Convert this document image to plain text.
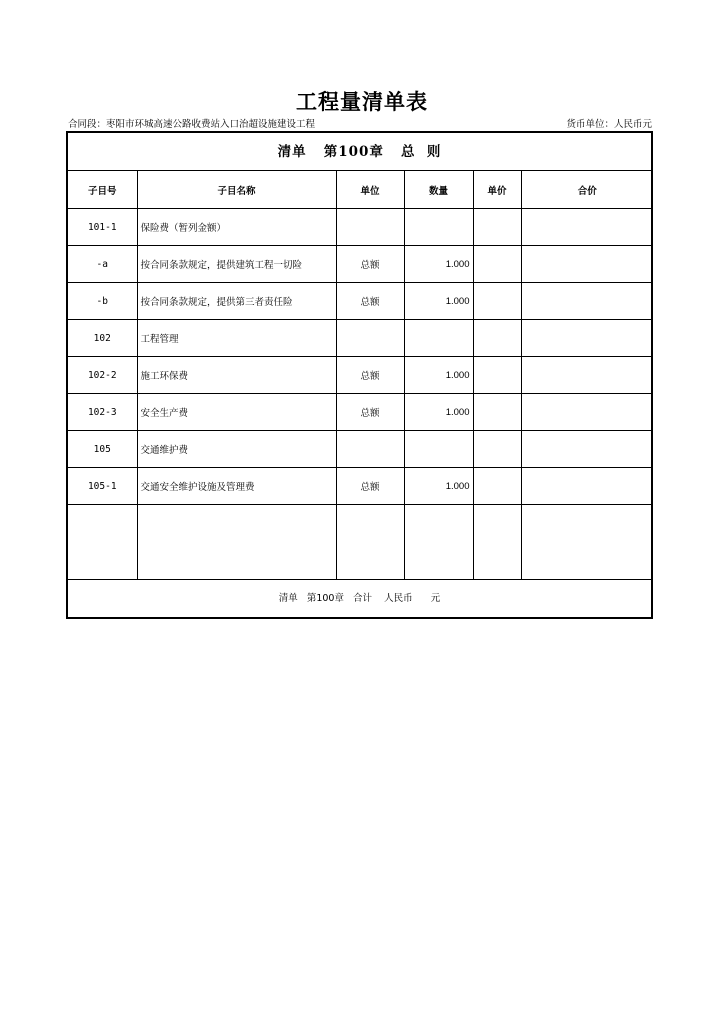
工程量清单表
合同段：枣阳市环城高速公路收费站入口治超设施建设工程	货币单位：人民币元
清单   第100章   总  则
子目号	子目名称	单位	数量	单价	合价
101-1	保险费（暂列金额）				
-a	按合同条款规定，提供建筑工程一切险	总额	1.000		
-b	按合同条款规定，提供第三者责任险	总额	1.000		
102	工程管理				
102-2	施工环保费	总额	1.000		
102-3	安全生产费	总额	1.000		
105	交通维护费				
105-1	交通安全维护设施及管理费	总额	1.000		

清单   第100章   合计    人民币      元
